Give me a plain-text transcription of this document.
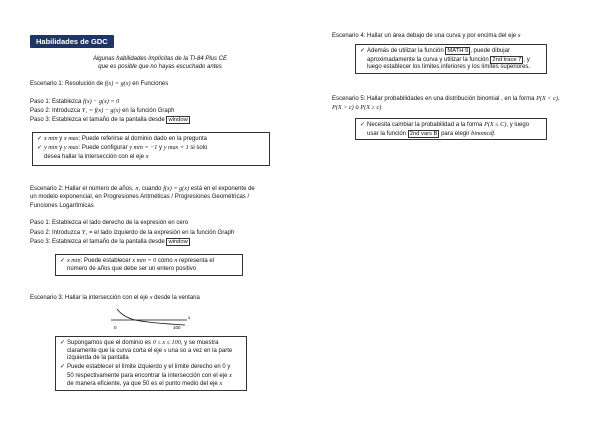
Habilidades de GDC
Algunas habilidades implícitas de la TI-84 Plus CE
que es posible que no hayas escuchado antes
Escenario 1: Resolución de f(x) = g(x) en Funciones
Paso 1: Establezca f(x) − g(x) = 0
Paso 2: Introduzca Y₁ = f(x) − g(x) en la función Graph
Paso 3: Establezca el tamaño de la pantalla desde window
✓ x min y x max: Puede referirse al dominio dado en la pregunta
✓ y min y y max: Puede configurar y min = −1 y y max = 1 si solo
desea hallar la intersección con el eje x
Escenario 2: Hallar el número de años, n, cuando f(x) = g(x) está en el exponente de
un modelo exponencial, en Progresiones Aritméticas / Progresiones Geométricas /
Funciones Logarítmicas
Paso 1: Establezca el lado derecho de la expresión en cero
Paso 2: Introduzca Y₁ = el lado izquierdo de la expresión en la función Graph
Paso 3: Establezca el tamaño de la pantalla desde window
✓ x min: Puede establecer x min = 0 como n representa el
número de años que debe ser un entero positivo
Escenario 3: Hallar la intersección con el eje x desde la ventana
x
0	100
✓ Supongamos que el dominio es 0 ≤ x ≤ 100, y se muestra
claramente que la curva corta el eje x una so a vez en la parte
izquierda de la pantalla
✓ Puede establecer el límite izquierdo y el límite derecho en 0 y
50 respectivamente para encontrar la intersección con el eje x
de manera eficiente, ya que 50 es el punto medio del eje x
Escenario 4: Hallar un área debajo de una curva y por encima del eje x
✓ Además de utilizar la función MATH 9 , puede dibujar
aproximadamente la curva y utilizar la función 2nd trace 7 , y
luego establecer los límites inferiores y los límites superiores.
Escenario 5: Hallar probabilidades en una distribución binomial , en la forma P(X < c),
P(X > c) o P(X ≥ c)
✓ Necesita cambiar la probabilidad a la forma P(X ≤ C), y luego
usar la función 2nd vars B para elegir binomcdf.
